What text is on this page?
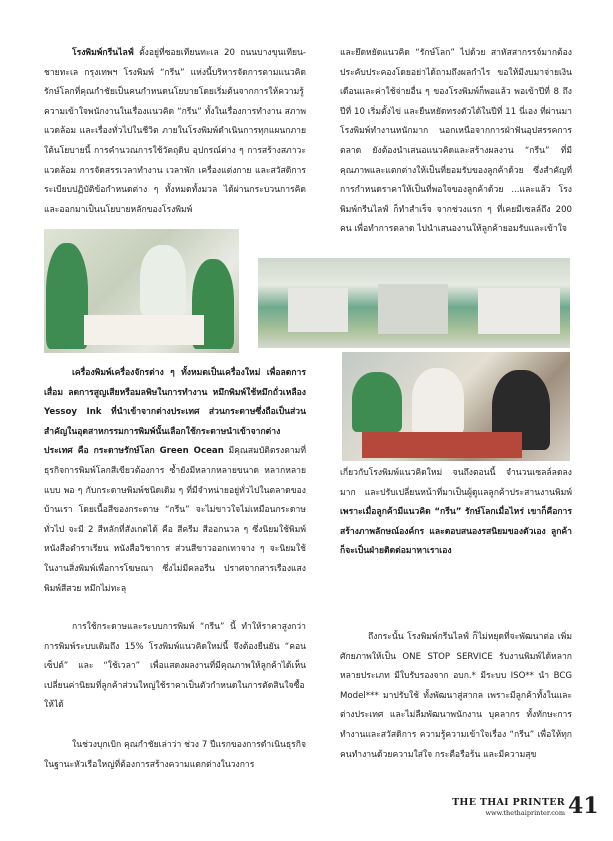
โรงพิมพ์กรีนไลฟ์ ตั้งอยู่ที่ซอยเทียนทะเล 20 ถนนบางขุนเทียน-ชายทะเล กรุงเทพฯ โรงพิมพ์ “กรีน” แห่งนี้บริหารจัดการตามแนวคิดรักษ์โลกที่คุณกำชัยเป็นคนกำหนดนโยบายโดยเริ่มต้นจากการให้ความรู้ความเข้าใจพนักงานในเรื่องแนวคิด “กรีน” ทั้งในเรื่องการทำงาน สภาพแวดล้อม และเรื่องทั่วไปในชีวิต ภายในโรงพิมพ์ดำเนินการทุกแผนกภายใต้นโยบายนี้ การคำนวณการใช้วัตถุดิบ อุปกรณ์ต่าง ๆ การสร้างสภาวะแวดล้อม การจัดสรรเวลาทำงาน เวลาพัก เครื่องแต่งกาย และสวัสดิการ ระเบียบปฏิบัติข้อกำหนดต่าง ๆ ทั้งหมดทั้งมวล ได้ผ่านกระบวนการคิด และออกมาเป็นนโยบายหลักของโรงพิมพ์

และยึดหยัดแนวคิด “รักษ์โลก” ไปด้วย สาหัสสากรรจ์มากต้องประคับประคองโดยอย่าได้ถามถึงผลกำไร ขอให้มีงบมาจ่ายเงินเดือนและค่าใช้จ่ายอื่น ๆ ของโรงพิมพ์ก็พอแล้ว พอเข้าปีที่ 8 ถึงปีที่ 10 เริ่มตั้งไข่ และยืนหยัดทรงตัวได้ในปีที่ 11 นี่เอง ที่ผ่านมาโรงพิมพ์ทำงานหนักมาก นอกเหนือจากการฝ่าฟันอุปสรรคการตลาด ยังต้องนำเสนอแนวคิดและสร้างผลงาน “กรีน” ที่มีคุณภาพและแตกต่างให้เป็นที่ยอมรับของลูกค้าด้วย ซึ่งสำคัญที่การกำหนดราคาให้เป็นที่พอใจของลูกค้าด้วย ...และแล้ว โรงพิมพ์กรีนไลฟ์ ก็ทำสำเร็จ จากช่วงแรก ๆ ที่เคยมีเซลล์ถึง 200 คน เพื่อทำการตลาด ไปนำเสนองานให้ลูกค้ายอมรับและเข้าใจ

เครื่องพิมพ์เครื่องจักรต่าง ๆ ทั้งหมดเป็นเครื่องใหม่ เพื่อลดการเสื่อม ลดการสูญเสียหรือมลพิษในการทำงาน หมึกพิมพ์ใช้หมึกถั่วเหลือง Yessoy Ink ที่นำเข้าจากต่างประเทศ ส่วนกระดาษซึ่งถือเป็นส่วนสำคัญในอุตสาหกรรมการพิมพ์นั้นเลือกใช้กระดาษนำเข้าจากต่างประเทศ คือ กระดาษรักษ์โลก Green Ocean มีคุณสมบัติตรงตามที่ธุรกิจการพิมพ์โลกสีเขียวต้องการ ซ้ำยังมีหลากหลายขนาด หลากหลายแบบ พอ ๆ กับกระดาษพิมพ์ชนิดเดิม ๆ ที่มีจำหน่ายอยู่ทั่วไปในตลาดของบ้านเรา โดยเนื้อสีของกระดาษ “กรีน” จะไม่ขาวใจไม่เหมือนกระดาษทั่วไป จะมี 2 สีหลักที่สังเกตได้ คือ สีครีม สีออกนวล ๆ ซึ่งนิยมใช้พิมพ์หนังสือตำราเรียน หนังสือวิชาการ ส่วนสีขาวออกเทาจาง ๆ จะนิยมใช้ในงานสิ่งพิมพ์เพื่อการโฆษณา ซึ่งไม่มีคลอรีน ปราศจากสารเรืองแสงพิมพ์สีสวย หมึกไม่ทะลุ

การใช้กระดาษและระบบการพิมพ์ “กรีน” นี้ ทำให้ราคาสูงกว่าการพิมพ์ระบบเดิมถึง 15% โรงพิมพ์แนวคิดใหม่นี้ จึงต้องยืนยัน “คอนเซ็ปต์” และ “ใช้เวลา” เพื่อแสดงผลงานที่มีคุณภาพให้ลูกค้าได้เห็น เปลี่ยนค่านิยมที่ลูกค้าส่วนใหญ่ใช้ราคาเป็นตัวกำหนดในการตัดสินใจซื้อให้ได้

ในช่วงบุกเบิก คุณกำชัยเล่าว่า ช่วง 7 ปีแรกของการดำเนินธุรกิจ ในฐานะหัวเรือใหญ่ที่ต้องการสร้างความแตกต่างในวงการ

เกี่ยวกับโรงพิมพ์แนวคิดใหม่ จนถึงตอนนี้ จำนวนเซลล์ลดลงมาก และปรับเปลี่ยนหน้าที่มาเป็นผู้ดูแลลูกค้าประสานงานพิมพ์ เพราะเมื่อลูกค้ามีแนวคิด “กรีน” รักษ์โลกเมื่อไหร่ เขาก็คือการสร้างภาพลักษณ์องค์กร และตอบสนองรสนิยมของตัวเอง ลูกค้าก็จะเป็นฝ่ายติดต่อมาหาเราเอง

ถึงกระนั้น โรงพิมพ์กรีนไลฟ์ ก็ไม่หยุดที่จะพัฒนาต่อ เพิ่มศักยภาพให้เป็น ONE STOP SERVICE รับงานพิมพ์ได้หลากหลายประเภท มีใบรับรองจาก อบก.* มีระบบ ISO** นำ BCG Model*** มาปรับใช้ ทั้งพัฒนาสู่สากล เพราะมีลูกค้าทั้งในและต่างประเทศ และไม่ลืมพัฒนาพนักงาน บุคลากร ทั้งทักษะการทำงานและสวัสดิการ ความรู้ความเข้าใจเรื่อง “กรีน” เพื่อให้ทุกคนทำงานด้วยความใส่ใจ กระตือรือร้น และมีความสุข

THE THAI PRINTER
www.thethaiprinter.com 41
